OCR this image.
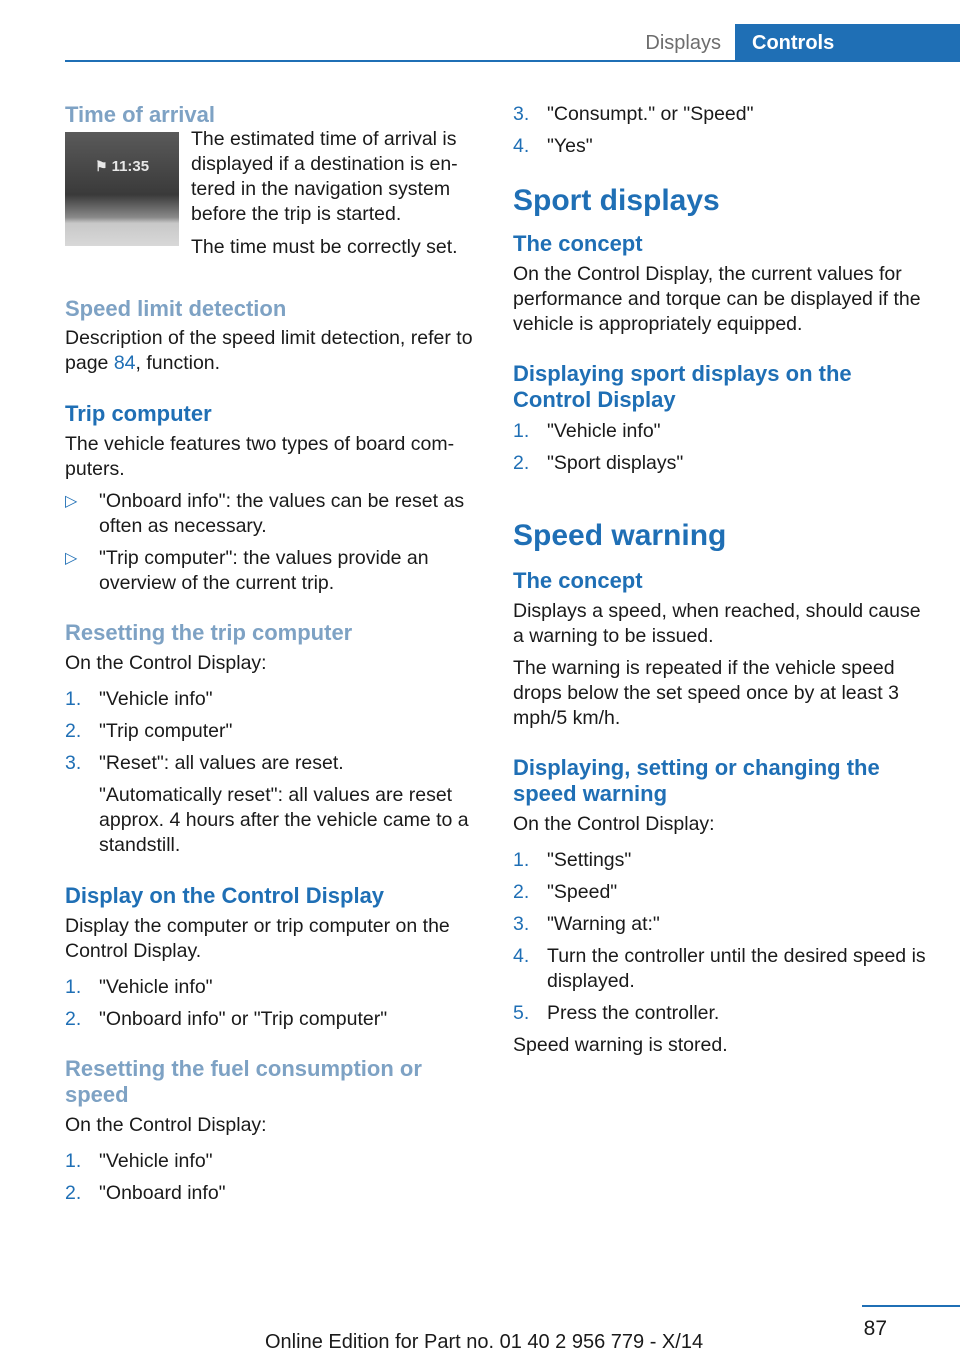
Displays	Controls
Time of arrival
⚑ 11:35

The estimated time of arrival is displayed if a destination is en-tered in the navigation system before the trip is started.

The time must be correctly set.

Speed limit detection

Description of the speed limit detection, refer to page 84, function.

Trip computer

The vehicle features two types of board com-puters.

▷ "Onboard info": the values can be reset as often as necessary.
▷ "Trip computer": the values provide an overview of the current trip.
Resetting the trip computer

On the Control Display:

1. "Vehicle info"
2. "Trip computer"
3. "Reset": all values are reset.

"Automatically reset": all values are reset approx. 4 hours after the vehicle came to a standstill.

Display on the Control Display

Display the computer or trip computer on the Control Display.

1. "Vehicle info"
2. "Onboard info" or "Trip computer"
Resetting the fuel consumption or speed

On the Control Display:

1. "Vehicle info"
2. "Onboard info"
3. "Consumpt." or "Speed"
4. "Yes"
Sport displays
The concept

On the Control Display, the current values for performance and torque can be displayed if the vehicle is appropriately equipped.

Displaying sport displays on the Control Display
1. "Vehicle info"
2. "Sport displays"
Speed warning
The concept

Displays a speed, when reached, should cause a warning to be issued.

The warning is repeated if the vehicle speed drops below the set speed once by at least 3 mph/5 km/h.

Displaying, setting or changing the speed warning

On the Control Display:

1. "Settings"
2. "Speed"
3. "Warning at:"
4. Turn the controller until the desired speed is displayed.
5. Press the controller.

Speed warning is stored.

87
Online Edition for Part no. 01 40 2 956 779 - X/14
